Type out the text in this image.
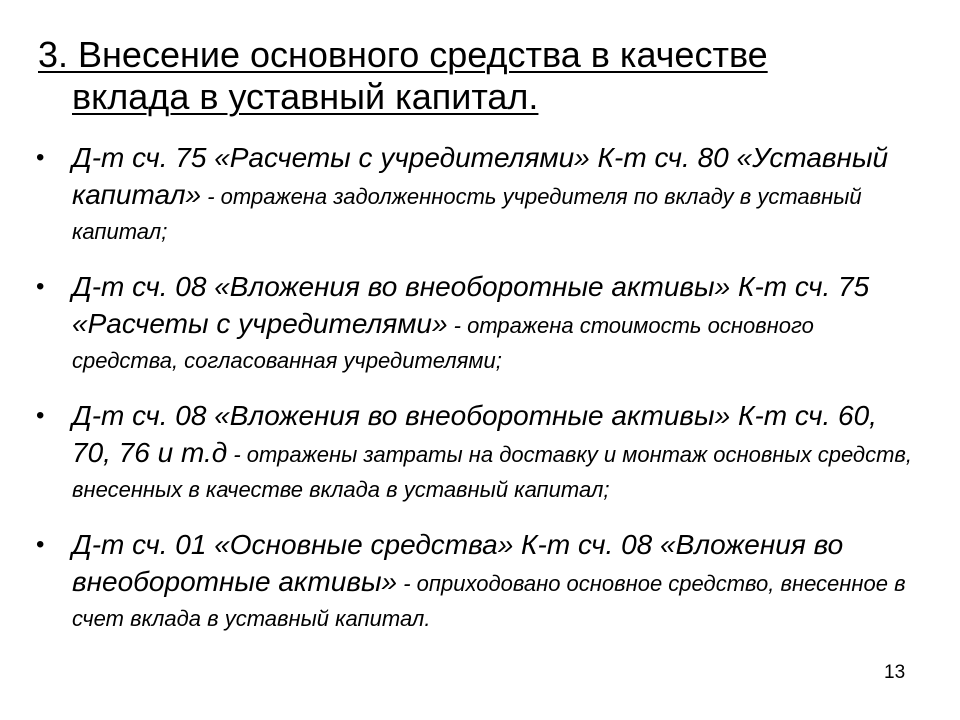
3. Внесение основного средства в качестве
вклада в уставный капитал.
• Д-т сч. 75 «Расчеты с учредителями» К-т сч. 80 «Уставный капитал» - отражена задолженность учредителя по вкладу в уставный капитал;
• Д-т сч. 08 «Вложения во внеоборотные активы» К-т сч. 75 «Расчеты с учредителями» - отражена стоимость основного средства, согласованная учредителями;
• Д-т сч. 08 «Вложения во внеоборотные активы» К-т сч. 60, 70, 76 и т.д - отражены затраты на доставку и монтаж основных средств, внесенных в качестве вклада в уставный капитал;
• Д-т сч. 01 «Основные средства» К-т сч. 08 «Вложения во внеоборотные активы» - оприходовано основное средство, внесенное в счет вклада в уставный капитал.
13
